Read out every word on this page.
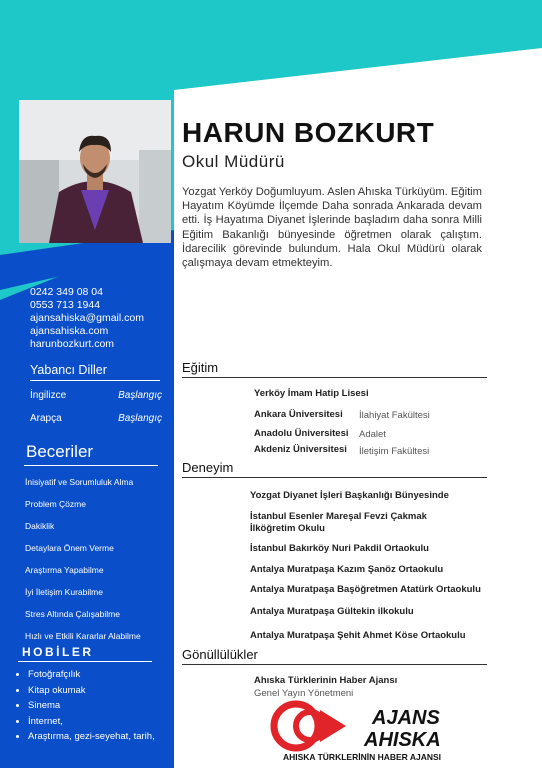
0242 349 08 04
0553 713 1944
ajansahiska@gmail.com
ajansahiska.com
harunbozkurt.com
Yabancı Diller
İngilizce	Başlangıç
Arapça	Başlangıç
Beceriler
İnisiyatif ve Sorumluluk Alma
Problem Çözme
Dakiklik
Detaylara Önem Verme
Araştırma Yapabilme
İyi İletişim Kurabilme
Stres Altında Çalışabilme
Hızlı ve Etkili Kararlar Alabilme
HOBİLER
• Fotoğrafçılık
• Kitap okumak
• Sinema
• İnternet,
• Araştırma, gezi-seyehat, tarih,
HARUN BOZKURT
Okul Müdürü
Yozgat Yerköy Doğumluyum. Aslen Ahıska Türküyüm. Eğitim Hayatım Köyümde İlçemde Daha sonrada Ankarada devam etti. İş Hayatıma Diyanet İşlerinde başladım daha sonra Milli Eğitim Bakanlığı bünyesinde öğretmen olarak çalıştım. İdarecilik görevinde bulundum. Hala Okul Müdürü olarak çalışmaya devam etmekteyim.
Eğitim
Yerköy İmam Hatip Lisesi
Ankara Üniversitesi İlahiyat Fakültesi
Anadolu Üniversitesi Adalet
Akdeniz Üniversitesi İletişim Fakültesi
Deneyim
Yozgat Diyanet İşleri Başkanlığı Bünyesinde
İstanbul Esenler Mareşal Fevzi Çakmak İlköğretim Okulu
İstanbul Bakırköy Nuri Pakdil Ortaokulu
Antalya Muratpaşa Kazım Şanöz Ortaokulu
Antalya Muratpaşa Başöğretmen Atatürk Ortaokulu
Antalya Muratpaşa Gültekin ilkokulu
Antalya Muratpaşa Şehit Ahmet Köse Ortaokulu
Gönüllülükler
Ahıska Türklerinin Haber Ajansı
Genel Yayın Yönetmeni
AJANS
AHISKA
AHISKA TÜRKLERİNİN HABER AJANSI
